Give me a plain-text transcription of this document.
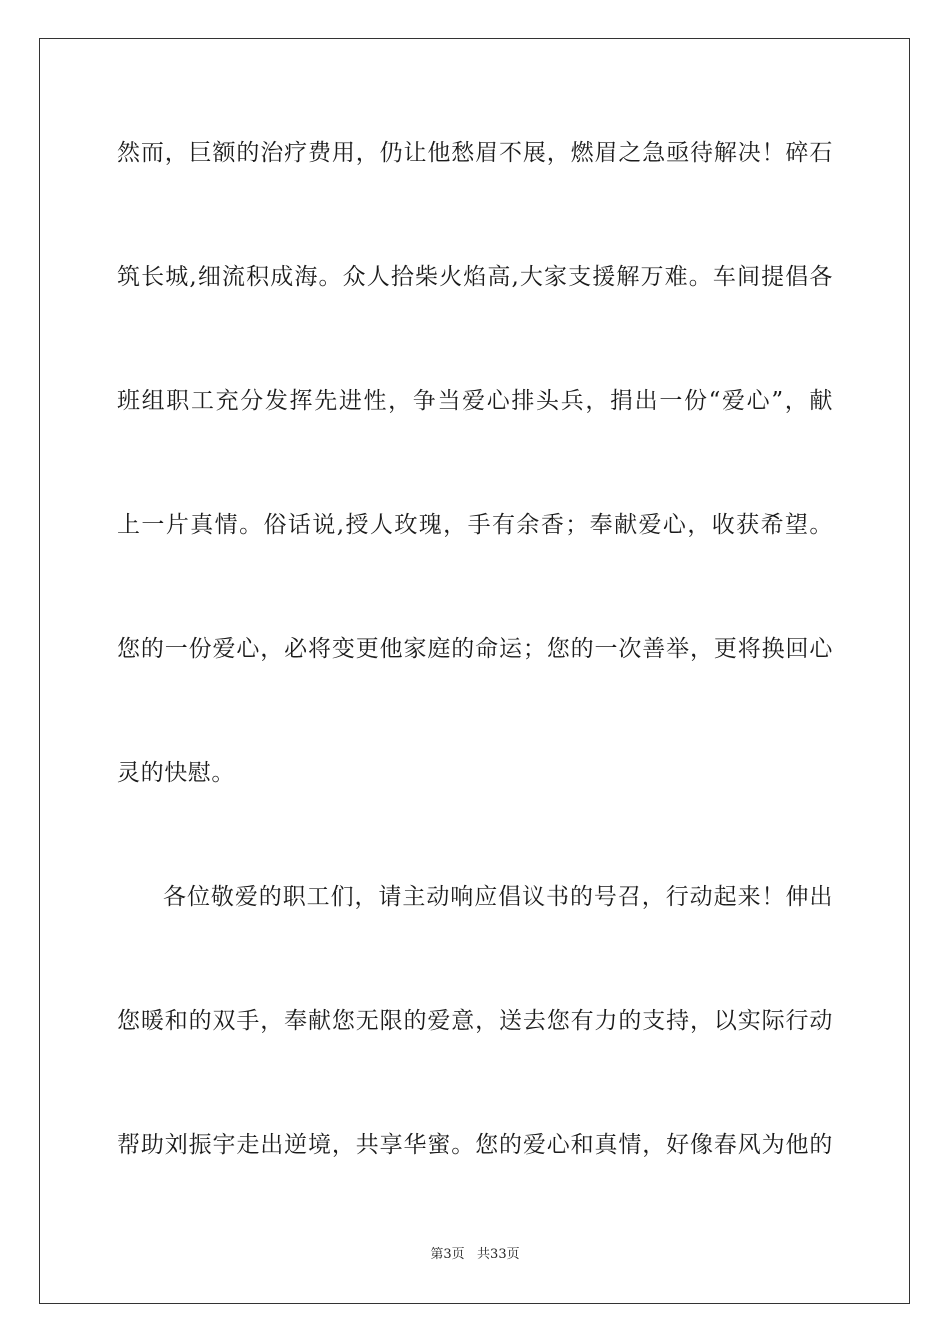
然而，巨额的治疗费用，仍让他愁眉不展，燃眉之急亟待解决！碎石
筑长城,细流积成海。众人拾柴火焰高,大家支援解万难。车间提倡各
班组职工充分发挥先进性，争当爱心排头兵，捐出一份“爱心”，献
上一片真情。俗话说,授人玫瑰，手有余香；奉献爱心，收获希望。
您的一份爱心，必将变更他家庭的命运；您的一次善举，更将换回心
灵的快慰。
各位敬爱的职工们，请主动响应倡议书的号召，行动起来！伸出
您暖和的双手，奉献您无限的爱意，送去您有力的支持，以实际行动
帮助刘振宇走出逆境，共享华蜜。您的爱心和真情，好像春风为他的
第3页   共33页
